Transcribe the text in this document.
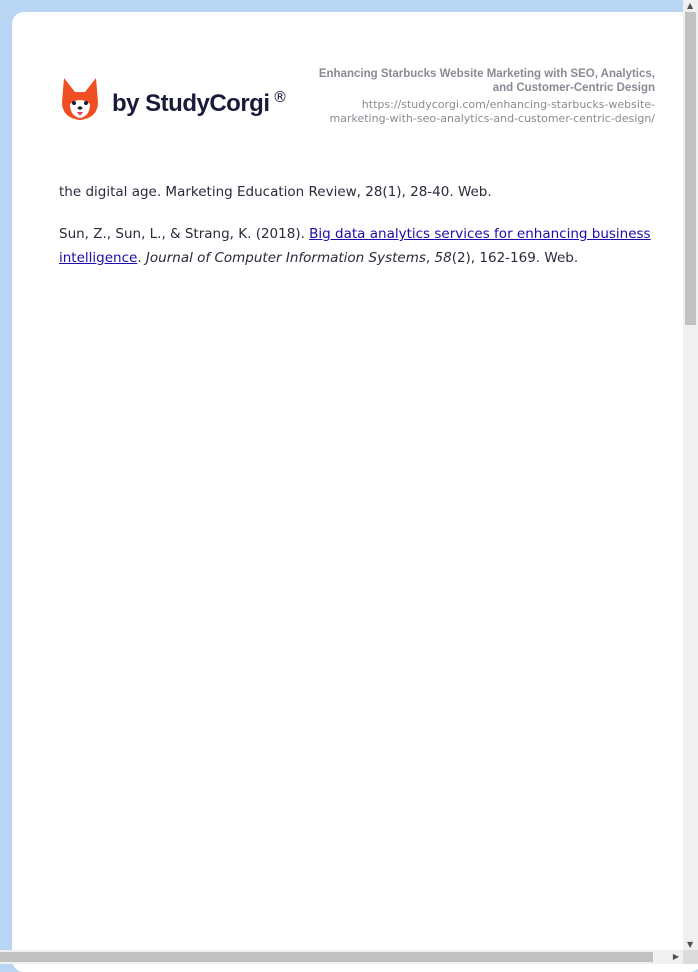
by StudyCorgi ®
Enhancing Starbucks Website Marketing with SEO, Analytics, and Customer-Centric Design
https://studycorgi.com/enhancing-starbucks-website-marketing-with-seo-analytics-and-customer-centric-design/

the digital age. Marketing Education Review, 28(1), 28-40. Web.

Sun, Z., Sun, L., & Strang, K. (2018). Big data analytics services for enhancing business intelligence. Journal of Computer Information Systems, 58(2), 162-169. Web.

▲
▼
▶
